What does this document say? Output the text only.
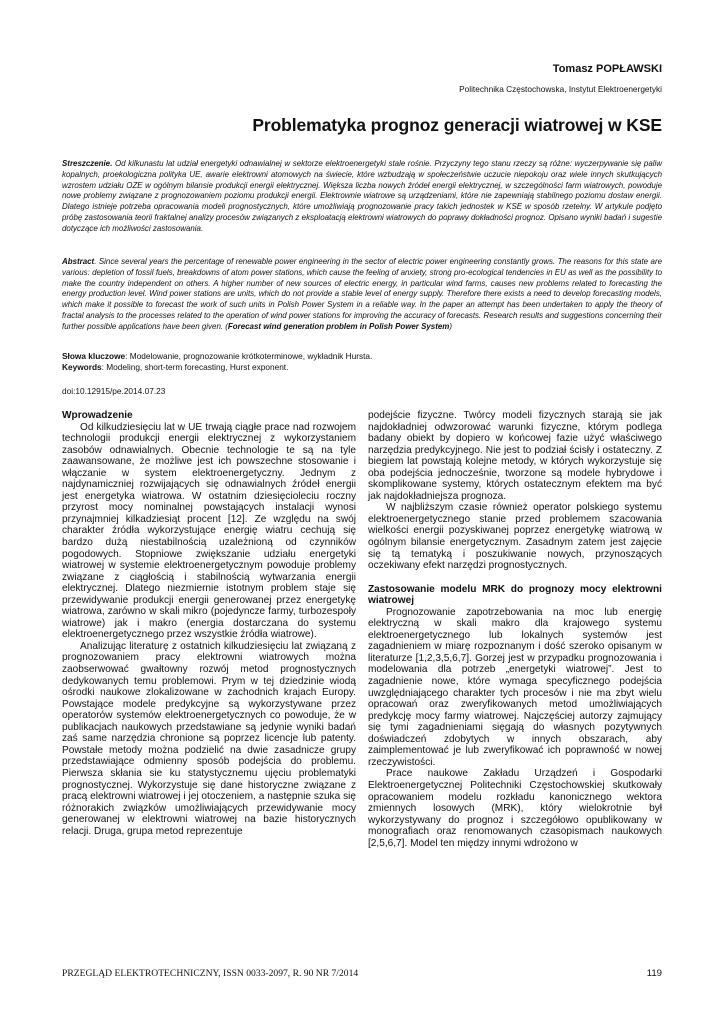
Tomasz POPŁAWSKI
Politechnika Częstochowska, Instytut Elektroenergetyki
Problematyka prognoz generacji wiatrowej w KSE

Streszczenie. Od kilkunastu lat udział energetyki odnawialnej w sektorze elektroenergetyki stale rośnie. Przyczyny tego stanu rzeczy są różne: wyczerpywanie się paliw kopalnych, proekologiczna polityka UE, awarie elektrowni atomowych na świecie, które wzbudzają w społeczeństwie uczucie niepokoju oraz wiele innych skutkujących wzrostem udziału OZE w ogólnym bilansie produkcji energii elektrycznej. Większa liczba nowych źródeł energii elektrycznej, w szczególności farm wiatrowych, powoduje nowe problemy związane z prognozowaniem poziomu produkcji energii. Elektrownie wiatrowe są urządzeniami, które nie zapewniają stabilnego poziomu dostaw energii. Dlatego istnieje potrzeba opracowania modeli prognostycznych, które umożliwiają prognozowanie pracy takich jednostek w KSE w sposób rzetelny. W artykule podjęto próbę zastosowania teorii fraktalnej analizy procesów związanych z eksploatacją elektrowni wiatrowych do poprawy dokładności prognoz. Opisano wyniki badań i sugestie dotyczące ich możliwości zastosowania.

Abstract. Since several years the percentage of renewable power engineering in the sector of electric power engineering constantly grows. The reasons for this state are various: depletion of fossil fuels, breakdowns of atom power stations, which cause the feeling of anxiety, strong pro-ecological tendencies in EU as well as the possibility to make the country independent on others. A higher number of new sources of electric energy, in particular wind farms, causes new problems related to forecasting the energy production level. Wind power stations are units, which do not provide a stable level of energy supply. Therefore there exists a need to develop forecasting models, which make it possible to forecast the work of such units in Polish Power System in a reliable way. In the paper an attempt has been undertaken to apply the theory of fractal analysis to the processes related to the operation of wind power stations for improving the accuracy of forecasts. Research results and suggestions concerning their further possible applications have been given. (Forecast wind generation problem in Polish Power System)

Słowa kluczowe: Modelowanie, prognozowanie krótkoterminowe, wykładnik Hursta.

Keywords: Modeling, short-term forecasting, Hurst exponent.

doi:10.12915/pe.2014.07.23
Wprowadzenie

Od kilkudziesięciu lat w UE trwają ciągłe prace nad rozwojem technologii produkcji energii elektrycznej z wykorzystaniem zasobów odnawialnych. Obecnie technologie te są na tyle zaawansowane, że możliwe jest ich powszechne stosowanie i włączanie w system elektroenergetyczny. Jednym z najdynamiczniej rozwijających się odnawialnych źródeł energii jest energetyka wiatrowa. W ostatnim dziesięcioleciu roczny przyrost mocy nominalnej powstających instalacji wynosi przynajmniej kilkadziesiąt procent [12]. Ze względu na swój charakter źródła wykorzystujące energię wiatru cechują się bardzo dużą niestabilnością uzależnioną od czynników pogodowych. Stopniowe zwiększanie udziału energetyki wiatrowej w systemie elektroenergetycznym powoduje problemy związane z ciągłością i stabilnością wytwarzania energii elektrycznej. Dlatego niezmiernie istotnym problem staje się przewidywanie produkcji energii generowanej przez energetykę wiatrowa, zarówno w skali mikro (pojedyncze farmy, turbozespoły wiatrowe) jak i makro (energia dostarczana do systemu elektroenergetycznego przez wszystkie źródła wiatrowe).

Analizując literaturę z ostatnich kilkudziesięciu lat związaną z prognozowaniem pracy elektrowni wiatrowych można zaobserwować gwałtowny rozwój metod prognostycznych dedykowanych temu problemowi. Prym w tej dziedzinie wiodą ośrodki naukowe zlokalizowane w zachodnich krajach Europy. Powstające modele predykcyjne są wykorzystywane przez operatorów systemów elektroenergetycznych co powoduje, że w publikacjach naukowych przedstawiane są jedynie wyniki badań zaś same narzędzia chronione są poprzez licencje lub patenty. Powstałe metody można podzielić na dwie zasadnicze grupy przedstawiające odmienny sposób podejścia do problemu. Pierwsza skłania sie ku statystycznemu ujęciu problematyki prognostycznej. Wykorzystuje się dane historyczne związane z pracą elektrowni wiatrowej i jej otoczeniem, a następnie szuka się różnorakich związków umożliwiających przewidywanie mocy generowanej w elektrowni wiatrowej na bazie historycznych relacji. Druga, grupa metod reprezentuje

podejście fizyczne. Twórcy modeli fizycznych starają sie jak najdokładniej odwzorować warunki fizyczne, którym podlega badany obiekt by dopiero w końcowej fazie użyć właściwego narzędzia predykcyjnego. Nie jest to podział ścisły i ostateczny. Z biegiem lat powstają kolejne metody, w których wykorzystuje się oba podejścia jednocześnie, tworzone są modele hybrydowe i skomplikowane systemy, których ostatecznym efektem ma być jak najdokładniejsza prognoza.

W najbliższym czasie również operator polskiego systemu elektroenergetycznego stanie przed problemem szacowania wielkości energii pozyskiwanej poprzez energetykę wiatrową w ogólnym bilansie energetycznym. Zasadnym zatem jest zajęcie się tą tematyką i poszukiwanie nowych, przynoszących oczekiwany efekt narzędzi prognostycznych.

Zastosowanie modelu MRK do prognozy mocy elektrowni wiatrowej

Prognozowanie zapotrzebowania na moc lub energię elektryczną w skali makro dla krajowego systemu elektroenergetycznego lub lokalnych systemów jest zagadnieniem w miarę rozpoznanym i dość szeroko opisanym w literaturze [1,2,3,5,6,7]. Gorzej jest w przypadku prognozowania i modelowania dla potrzeb „energetyki wiatrowej”. Jest to zagadnienie nowe, które wymaga specyficznego podejścia uwzględniającego charakter tych procesów i nie ma zbyt wielu opracowań oraz zweryfikowanych metod umożliwiających predykcję mocy farmy wiatrowej. Najczęściej autorzy zajmujący się tymi zagadnieniami sięgają do własnych pozytywnych doświadczeń zdobytych w innych obszarach, aby zaimplementować je lub zweryfikować ich poprawność w nowej rzeczywistości.

Prace naukowe Zakładu Urządzeń i Gospodarki Elektroenergetycznej Politechniki Częstochowskiej skutkowały opracowaniem modelu rozkładu kanonicznego wektora zmiennych losowych (MRK), który wielokrotnie był wykorzystywany do prognoz i szczegółowo opublikowany w monografiach oraz renomowanych czasopismach naukowych [2,5,6,7]. Model ten między innymi wdrożono w

PRZEGLĄD ELEKTROTECHNICZNY, ISSN 0033-2097, R. 90 NR 7/2014	119
